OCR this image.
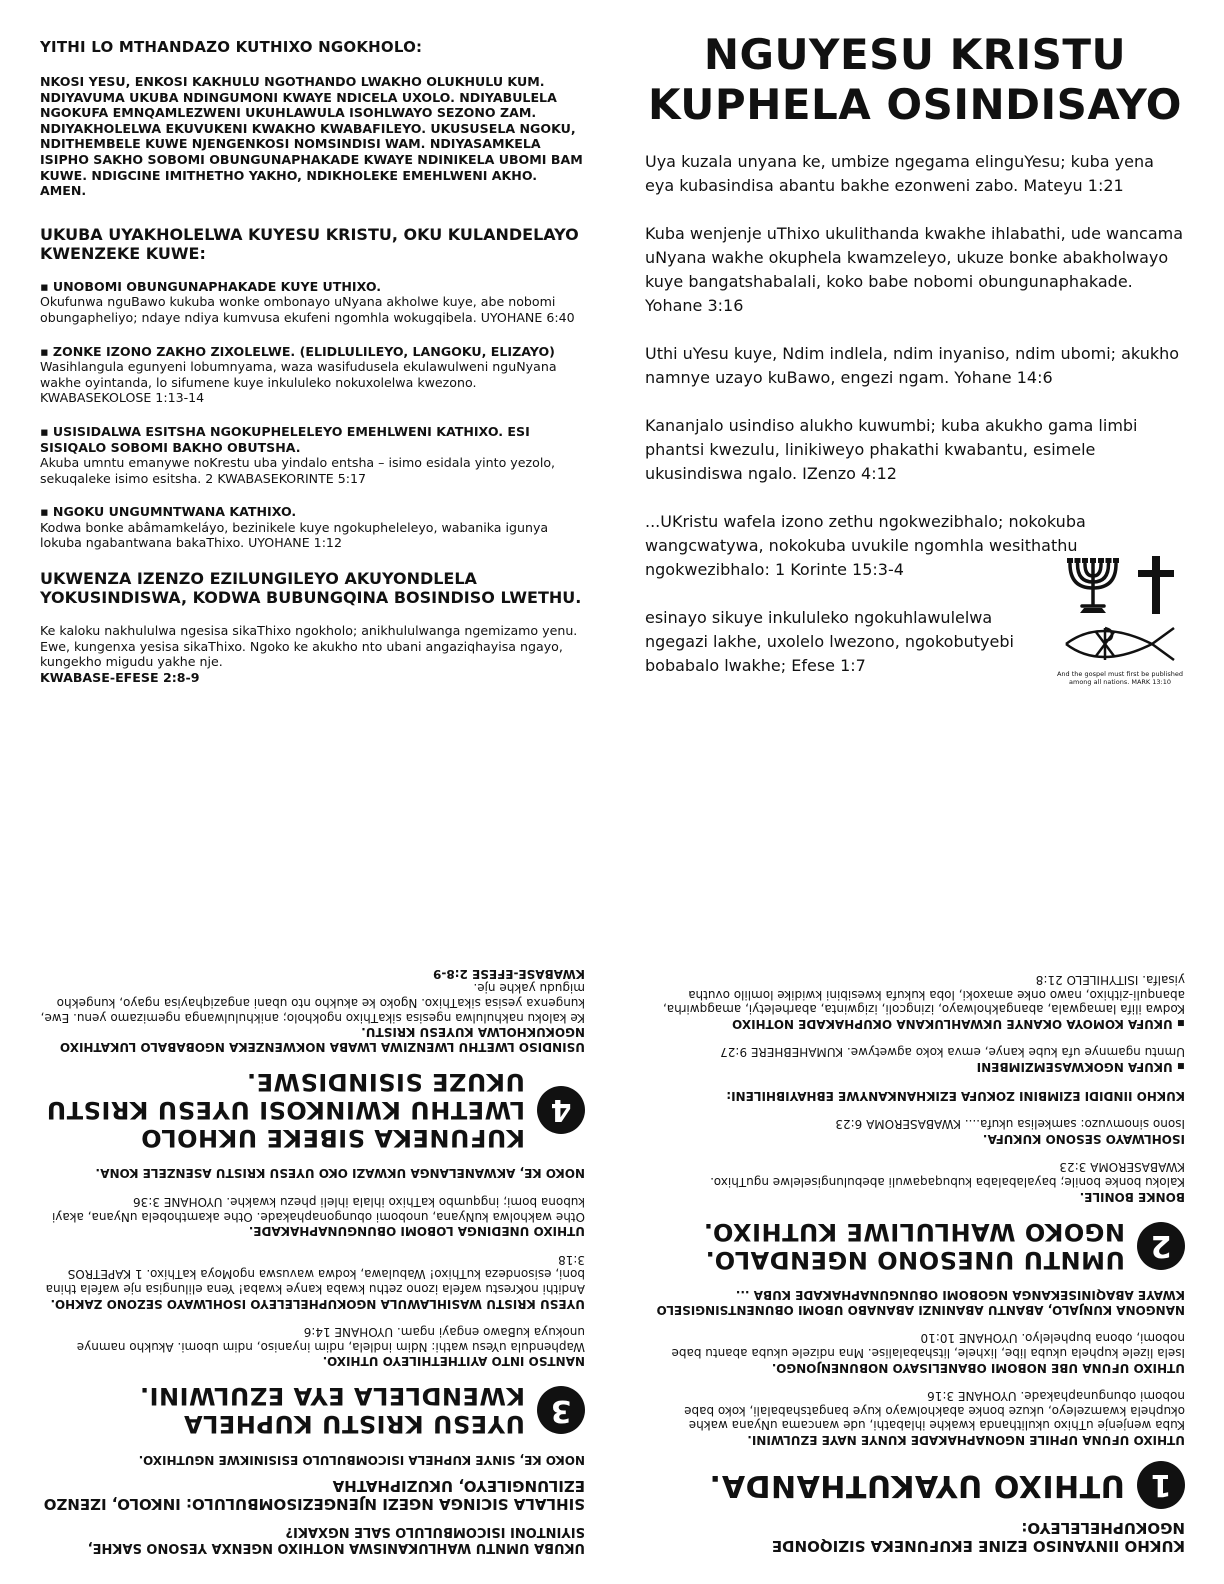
YITHI LO MTHANDAZO KUTHIXO NGOKHOLO:
NKOSI YESU, ENKOSI KAKHULU NGOTHANDO LWAKHO OLUKHULU KUM. NDIYAVUMA UKUBA NDINGUMONI KWAYE NDICELA UXOLO. NDIYABULELA NGOKUFA EMNQAMLEZWENI UKUHLAWULA ISOHLWAYO SEZONO ZAM. NDIYAKHOLELWA EKUVUKENI KWAKHO KWABAFILEYO. UKUSUSELA NGOKU, NDITHEMBELE KUWE NJENGENKOSI NOMSINDISI WAM. NDIYASAMKELA ISIPHO SAKHO SOBOMI OBUNGUNAPHAKADE KWAYE NDINIKELA UBOMI BAM KUWE. NDIGCINE IMITHETHO YAKHO, NDIKHOLEKE EMEHLWENI AKHO. AMEN.
UKUBA UYAKHOLELWA KUYESU KRISTU, OKU KULANDELAYO KWENZEKE KUWE:
▪ UNOBOMI OBUNGUNAPHAKADE KUYE UTHIXO.
Okufunwa nguBawo kukuba wonke ombonayo uNyana akholwe kuye, abe nobomi obungapheliyo; ndaye ndiya kumvusa ekufeni ngomhla wokugqibela. UYOHANE 6:40
▪ ZONKE IZONO ZAKHO ZIXOLELWE. (ELIDLULILEYO, LANGOKU, ELIZAYO)
Wasihlangula egunyeni lobumnyama, waza wasifudusela ekulawulweni nguNyana wakhe oyintanda, lo sifumene kuye inkululeko nokuxolelwa kwezono. KWABASEKOLOSE 1:13-14
▪ USISIDALWA ESITSHA NGOKUPHELELEYO EMEHLWENI KATHIXO. ESI SISIQALO SOBOMI BAKHO OBUTSHA.
Akuba umntu emanywe noKrestu uba yindalo entsha – isimo esidala yinto yezolo, sekuqaleke isimo esitsha. 2 KWABASEKORINTE 5:17
▪ NGOKU UNGUMNTWANA KATHIXO.
Kodwa bonke abâmamkeláyo, bezinikele kuye ngokupheleleyo, wabanika igunya lokuba ngabantwana bakaThixo. UYOHANE 1:12
UKWENZA IZENZO EZILUNGILEYO AKUYONDLELA YOKUSINDISWA, KODWA BUBUNGQINA BOSINDISO LWETHU.
Ke kaloku nakhululwa ngesisa sikaThixo ngokholo; anikhululwanga ngemizamo yenu. Ewe, kungenxa yesisa sikaThixo. Ngoko ke akukho nto ubani angaziqhayisa ngayo, kungekho migudu yakhe nje.
KWABASE-EFESE 2:8-9
NGUYESU KRISTU
KUPHELA OSINDISAYO
Uya kuzala unyana ke, umbize ngegama elinguYesu; kuba yena eya kubasindisa abantu bakhe ezonweni zabo. Mateyu 1:21
Kuba wenjenje uThixo ukulithanda kwakhe ihlabathi, ude wancama uNyana wakhe okuphela kwamzeleyo, ukuze bonke abakholwayo kuye bangatshabalali, koko babe nobomi obungunaphakade. Yohane 3:16
Uthi uYesu kuye, Ndim indlela, ndim inyaniso, ndim ubomi; akukho namnye uzayo kuBawo, engezi ngam. Yohane 14:6
Kananjalo usindiso alukho kuwumbi; kuba akukho gama limbi phantsi kwezulu, linikiweyo phakathi kwabantu, esimele ukusindiswa ngalo. IZenzo 4:12
...UKristu wafela izono zethu ngokwezibhalo; nokokuba wangcwatywa, nokokuba uvukile ngomhla wesithathu ngokwezibhalo: 1 Korinte 15:3-4
esinayo sikuye inkululeko ngokuhlawulelwa ngegazi lakhe, uxolelo lwezono, ngokobutyebi bobabalo lwakhe; Efese 1:7	And the gospel must first be published among all nations. MARK 13:10
UKUBA UMNTU WAHLUKANISWA NOTHIXO NGENXA YESONO SAKHE, SIYINTONI ISICOMBULULO SALE NGXAKI?
SIHLALA SICINGA NGEZI NJENGEZISOMBULULO: INKOLO, IZENZO EZILUNGILEYO, UKUZIPHATHA
NOKO KE, SINYE KUPHELA ISICOMBULULO ESISINIKWE NGUTHIXO.
3
UYESU KRISTU KUPHELA KWENDLELA EYA EZULWINI.
NANTSO INTO AYITHETHILEYO UTHIXO.
Waphendula uYesu wathi: Ndim indlela, ndim inyaniso, ndim ubomi. Akukho namnye unokuya kuBawo engayi ngam. UYOHANE 14:6
UYESU KRISTU WASIHLAWULA NGOKUPHELELEYO ISOHLWAYO SEZONO ZAKHO.
Andithi noKrestu wafela izono zethu kwaba kanye kwaba! Yena elilungisa nje wafela thina boni, esisondeza kuThixo! Wabulawa, kodwa wavuswa ngoMoya kaThixo. 1 KAPETROS 3:18
UTHIXO UNEDINGA LOBOMI OBUNGUNAPHAKADE.
Othe wakholwa kuNyana, unobomi obungonaphakade. Othe akamthobela uNyana, akayi kubona bomi; ingqumbo kaThixo ihlala ihleli phezu kwakhe. UYOHANE 3:36
NOKO KE, AKWANELANGA UKWAZI OKO UYESU KRISTU ASENZELE KONA.
4
KUFUNEKA SIBEKE UKHOLO LWETHU KWINKOSI UYESU KRISTU UKUZE SISINDISWE.
USINDISO LWETHU LWENZIWA LWABA NOKWENZEKA NGOBABALO LUKATHIXO NGOKUKHOLWA KUYESU KRISTU.
Ke kaloku nakhululwa ngesisa sikaThixo ngokholo; anikhululwanga ngemizamo yenu. Ewe, kungenxa yesisa sikaThixo. Ngoko ke akukho nto ubani angaziqhayisa ngayo, kungekho migudu yakhe nje.
KWABASE-EFESE 2:8-9
KUKHO IINYANISO EZINE EKUFUNEKA SIZIQONDE NGOKUPHELELEYO:
1
UTHIXO UYAKUTHANDA.
UTHIXO UFUNA UPHILE NGONAPHAKADE KUNYE NAYE EZULWINI.
Kuba wenjenje uThixo ukulithanda kwakhe ihlabathi, ude wancama uNyana wakhe okuphela kwamzeleyo, ukuze bonke abakholwayo kuye bangatshabalali, koko babe nobomi obungunaphakade. UYOHANE 3:16
UTHIXO UFUNA UBE NOBOMI OBANELISAYO NOBUNENJONGO.
Isela lizele kuphela ukuba libe, lixhele, litshabalalise. Mna ndizele ukuba abantu babe nobomi, obona buphelelyo. UYOHANE 10:10
NANGONA KUNJALO, ABANTU ABANINZI ABANABO UBOMI OBUNENTSINGISELO KWAYE ABAQINISEKANGA NGOBOMI OBUNGUNAPHAKADE KUBA ...
2
UMNTU UNESONO NGENDALO. NGOKO WAHLULIWE KUTHIXO.
BONKE BONILE.
Kaloku bonke bonile; bayalabalaba kubuqaqawuli abebulungiselelwe nguThixo. KWABASEROMA 3:23
ISOHLWAYO SESONO KUKUFA.
Isono sinomvuzo: samkelisa ukufa.... KWABASEROMA 6:23
KUKHO IINDIDI EZIMBINI ZOKUFA EZIKHANKANYWE EBHAYIBHILENI:
▪ UKUFA NGOKWASEMZIMBENI
Umntu ngamnye ufa kube kanye, emva koko agwetywe. KUMAHEBHERE 9:27
▪ UKUFA KOMOYA OKANYE UKWAHLUKANA OKUPHAKADE NOTHIXO
Kodwa ilifa lamagwala, abangakholwayo, izingcoli, izigwinta, abarheletyi, amagqwirha, abanquli-zithixo, nawo onke amaxoki, loba kukufa kwesibini kwidike lomlilo ovutha yisalfa. ISITYHILELO 21:8
